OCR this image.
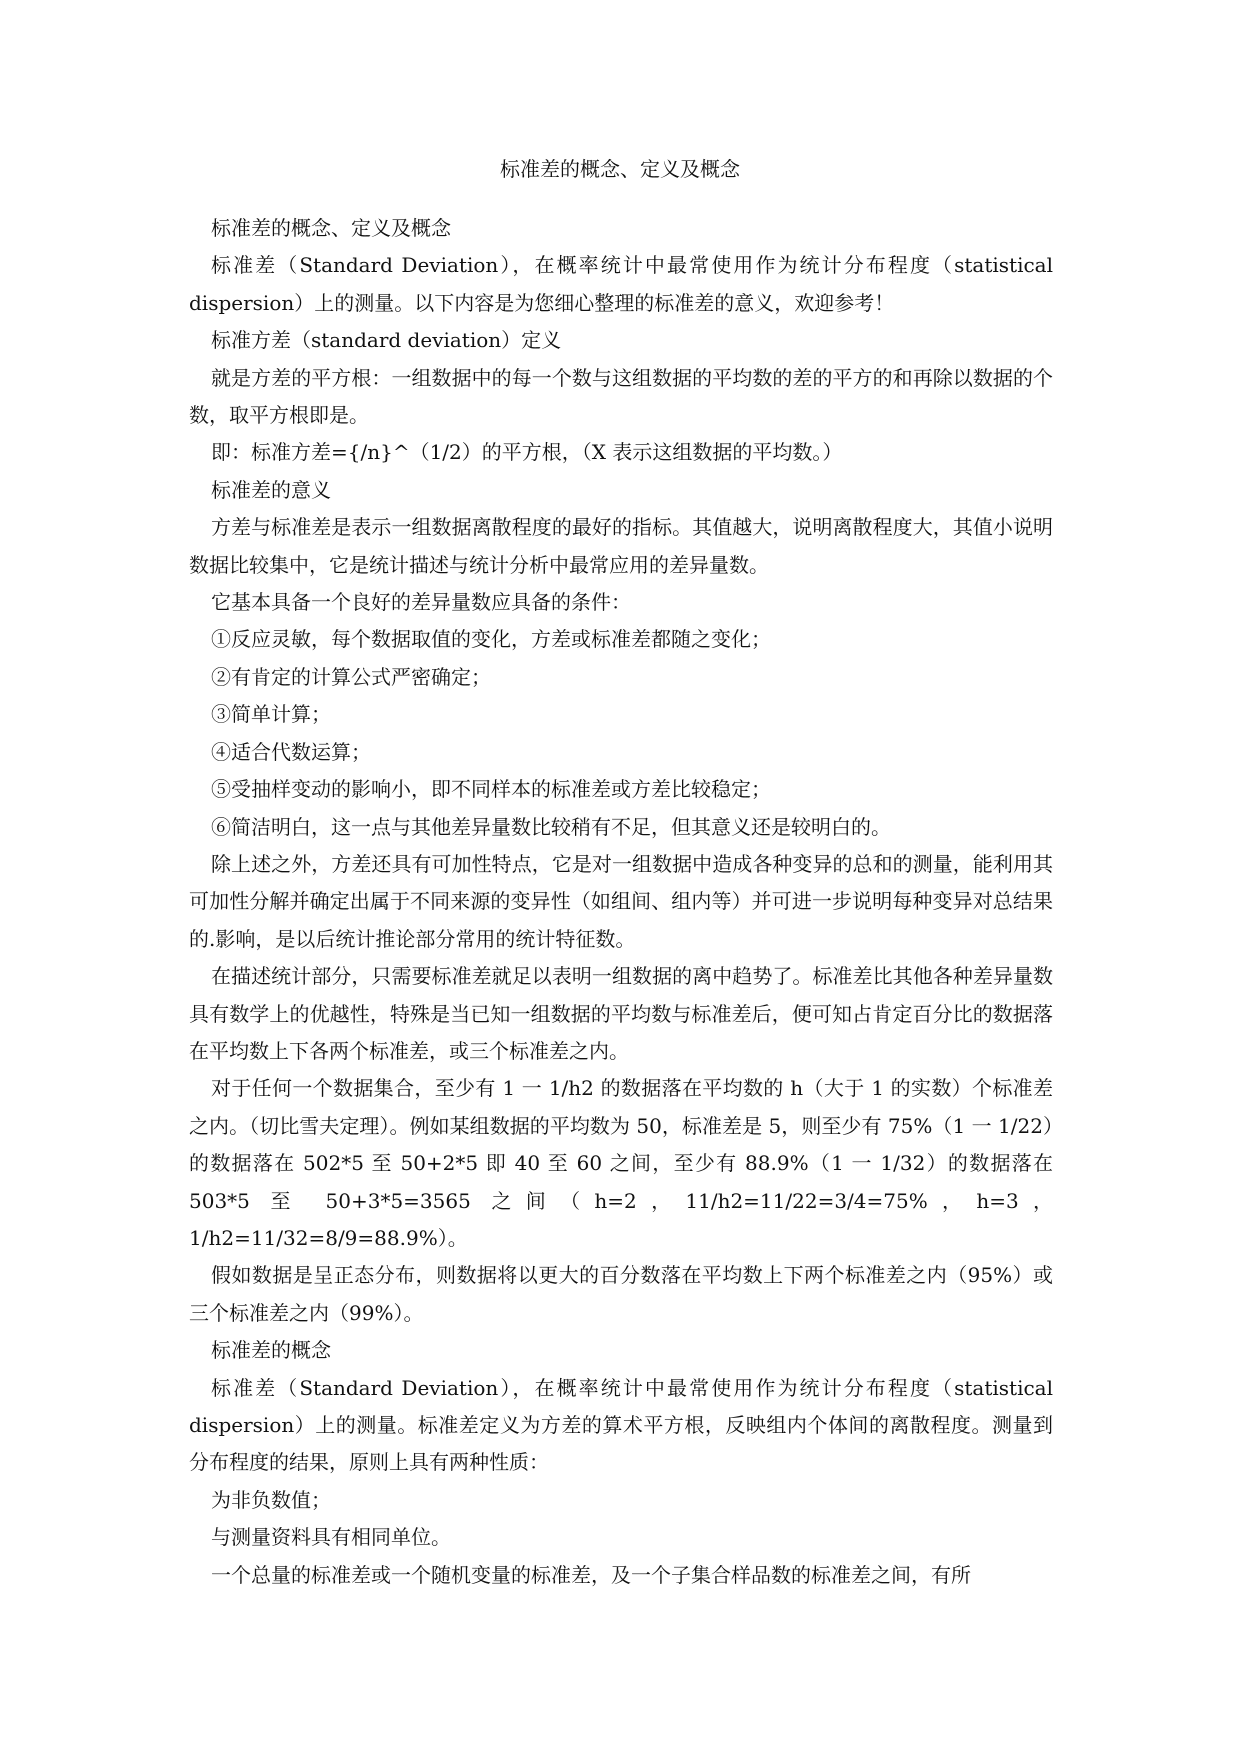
标准差的概念、定义及概念

标准差的概念、定义及概念

标准差（Standard Deviation），在概率统计中最常使用作为统计分布程度（statistical dispersion）上的测量。以下内容是为您细心整理的标准差的意义，欢迎参考！

标准方差（standard deviation）定义

就是方差的平方根：一组数据中的每一个数与这组数据的平均数的差的平方的和再除以数据的个数，取平方根即是。

即：标准方差={/n}^（1/2）的平方根，（X 表示这组数据的平均数。）

标准差的意义

方差与标准差是表示一组数据离散程度的最好的指标。其值越大，说明离散程度大，其值小说明数据比较集中，它是统计描述与统计分析中最常应用的差异量数。

它基本具备一个良好的差异量数应具备的条件：

①反应灵敏，每个数据取值的变化，方差或标准差都随之变化；

②有肯定的计算公式严密确定；

③简单计算；

④适合代数运算；

⑤受抽样变动的影响小，即不同样本的标准差或方差比较稳定；

⑥简洁明白，这一点与其他差异量数比较稍有不足，但其意义还是较明白的。

除上述之外，方差还具有可加性特点，它是对一组数据中造成各种变异的总和的测量，能利用其可加性分解并确定出属于不同来源的变异性（如组间、组内等）并可进一步说明每种变异对总结果的.影响，是以后统计推论部分常用的统计特征数。

在描述统计部分，只需要标准差就足以表明一组数据的离中趋势了。标准差比其他各种差异量数具有数学上的优越性，特殊是当已知一组数据的平均数与标准差后，便可知占肯定百分比的数据落在平均数上下各两个标准差，或三个标准差之内。

对于任何一个数据集合，至少有 1 一 1/h2 的数据落在平均数的 h（大于 1 的实数）个标准差之内。（切比雪夫定理）。例如某组数据的平均数为 50，标准差是 5，则至少有 75%（1 一 1/22）的数据落在 502*5 至 50+2*5 即 40 至 60 之间，至少有 88.9%（1 一 1/32）的数据落在 503*5 至 50+3*5=3565 之间（h=2，11/h2=11/22=3/4=75%，h=3，1/h2=11/32=8/9=88.9%）。

假如数据是呈正态分布，则数据将以更大的百分数落在平均数上下两个标准差之内（95%）或三个标准差之内（99%）。

标准差的概念

标准差（Standard Deviation），在概率统计中最常使用作为统计分布程度（statistical dispersion）上的测量。标准差定义为方差的算术平方根，反映组内个体间的离散程度。测量到分布程度的结果，原则上具有两种性质：

为非负数值；

与测量资料具有相同单位。

一个总量的标准差或一个随机变量的标准差，及一个子集合样品数的标准差之间，有所
